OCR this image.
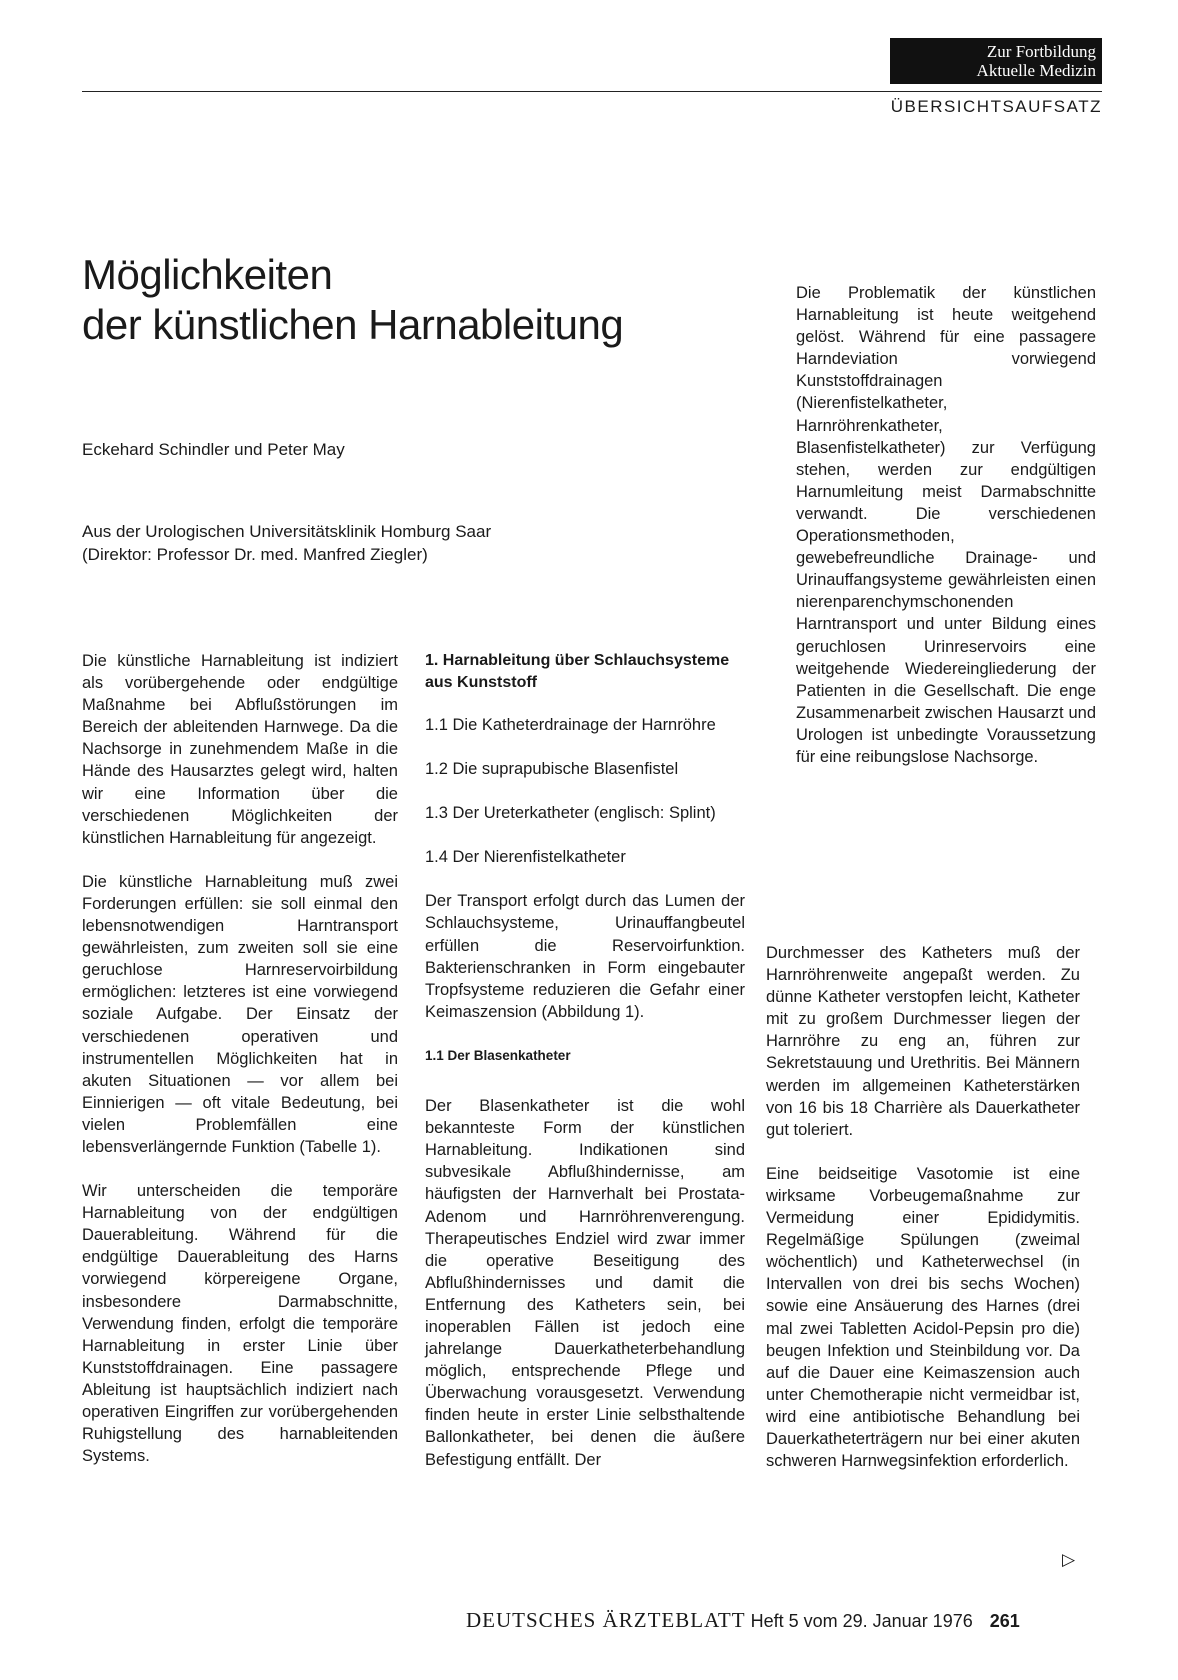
Zur Fortbildung
Aktuelle Medizin
ÜBERSICHTSAUFSATZ
Möglichkeiten
der künstlichen Harnableitung
Eckehard Schindler und Peter May
Aus der Urologischen Universitätsklinik Homburg Saar
(Direktor: Professor Dr. med. Manfred Ziegler)

Die Problematik der künstlichen Harnableitung ist heute weitgehend gelöst. Während für eine passagere Harndeviation vorwiegend Kunststoffdrainagen (Nierenfistelkatheter, Harnröhrenkatheter, Blasenfistelkatheter) zur Verfügung stehen, werden zur endgültigen Harnumleitung meist Darmabschnitte verwandt. Die verschiedenen Operationsmethoden, gewebefreundliche Drainage- und Urinauffangsysteme gewährleisten einen nierenparenchymschonenden Harntransport und unter Bildung eines geruchlosen Urinreservoirs eine weitgehende Wiedereingliederung der Patienten in die Gesellschaft. Die enge Zusammenarbeit zwischen Hausarzt und Urologen ist unbedingte Voraussetzung für eine reibungslose Nachsorge.

Die künstliche Harnableitung ist indiziert als vorübergehende oder endgültige Maßnahme bei Abflußstörungen im Bereich der ableitenden Harnwege. Da die Nachsorge in zunehmendem Maße in die Hände des Hausarztes gelegt wird, halten wir eine Information über die verschiedenen Möglichkeiten der künstlichen Harnableitung für angezeigt.

Die künstliche Harnableitung muß zwei Forderungen erfüllen: sie soll einmal den lebensnotwendigen Harntransport gewährleisten, zum zweiten soll sie eine geruchlose Harnreservoirbildung ermöglichen: letzteres ist eine vorwiegend soziale Aufgabe. Der Einsatz der verschiedenen operativen und instrumentellen Möglichkeiten hat in akuten Situationen — vor allem bei Einnierigen — oft vitale Bedeutung, bei vielen Problemfällen eine lebensverlängernde Funktion (Tabelle 1).

Wir unterscheiden die temporäre Harnableitung von der endgültigen Dauerableitung. Während für die endgültige Dauerableitung des Harns vorwiegend körpereigene Organe, insbesondere Darmabschnitte, Verwendung finden, erfolgt die temporäre Harnableitung in erster Linie über Kunststoffdrainagen. Eine passagere Ableitung ist hauptsächlich indiziert nach operativen Eingriffen zur vorübergehenden Ruhigstellung des harnableitenden Systems.

1. Harnableitung über Schlauchsysteme aus Kunststoff
1.1 Die Katheterdrainage der Harnröhre
1.2 Die suprapubische Blasenfistel
1.3 Der Ureterkatheter (englisch: Splint)
1.4 Der Nierenfistelkatheter

Der Transport erfolgt durch das Lumen der Schlauchsysteme, Urinauffangbeutel erfüllen die Reservoirfunktion. Bakterienschranken in Form eingebauter Tropfsysteme reduzieren die Gefahr einer Keimaszension (Abbildung 1).

1.1 Der Blasenkatheter

Der Blasenkatheter ist die wohl bekannteste Form der künstlichen Harnableitung. Indikationen sind subvesikale Abflußhindernisse, am häufigsten der Harnverhalt bei Prostata-Adenom und Harnröhrenverengung. Therapeutisches Endziel wird zwar immer die operative Beseitigung des Abflußhindernisses und damit die Entfernung des Katheters sein, bei inoperablen Fällen ist jedoch eine jahrelange Dauerkatheterbehandlung möglich, entsprechende Pflege und Überwachung vorausgesetzt. Verwendung finden heute in erster Linie selbsthaltende Ballonkatheter, bei denen die äußere Befestigung entfällt. Der

Durchmesser des Katheters muß der Harnröhrenweite angepaßt werden. Zu dünne Katheter verstopfen leicht, Katheter mit zu großem Durchmesser liegen der Harnröhre zu eng an, führen zur Sekretstauung und Urethritis. Bei Männern werden im allgemeinen Katheterstärken von 16 bis 18 Charrière als Dauerkatheter gut toleriert.

Eine beidseitige Vasotomie ist eine wirksame Vorbeugemaßnahme zur Vermeidung einer Epididymitis. Regelmäßige Spülungen (zweimal wöchentlich) und Katheterwechsel (in Intervallen von drei bis sechs Wochen) sowie eine Ansäuerung des Harnes (drei mal zwei Tabletten Acidol-Pepsin pro die) beugen Infektion und Steinbildung vor. Da auf die Dauer eine Keimaszension auch unter Chemotherapie nicht vermeidbar ist, wird eine antibiotische Behandlung bei Dauerkatheterträgern nur bei einer akuten schweren Harnwegsinfektion erforderlich.

▷
DEUTSCHES ÄRZTEBLATT Heft 5 vom 29. Januar 1976 261
